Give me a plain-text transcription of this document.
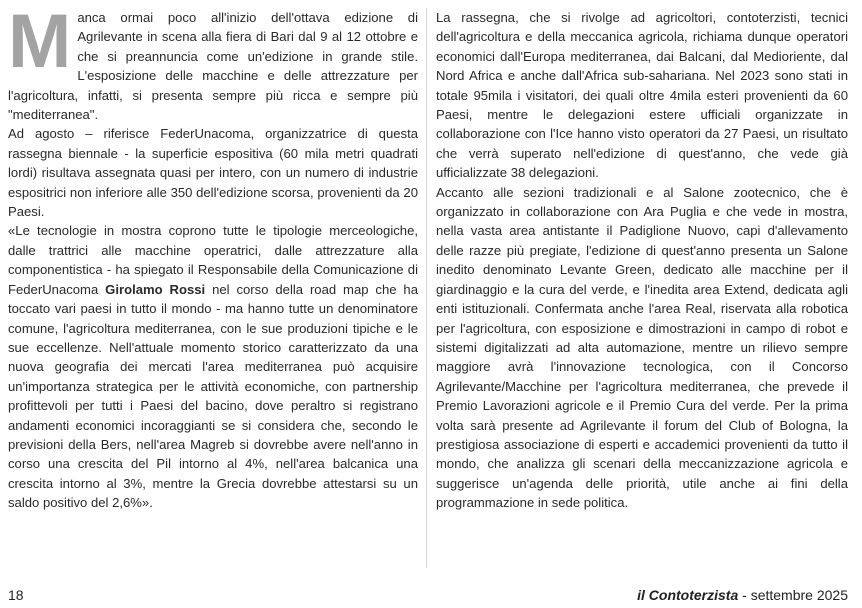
Manca ormai poco all'inizio dell'ottava edizione di Agrilevante in scena alla fiera di Bari dal 9 al 12 ottobre e che si preannuncia come un'edizione in grande stile. L'esposizione delle macchine e delle attrezzature per l'agricoltura, infatti, si presenta sempre più ricca e sempre più "mediterranea".

Ad agosto – riferisce FederUnacoma, organizzatrice di questa rassegna biennale - la superficie espositiva (60 mila metri quadrati lordi) risultava assegnata quasi per intero, con un numero di industrie espositrici non inferiore alle 350 dell'edizione scorsa, provenienti da 20 Paesi.

«Le tecnologie in mostra coprono tutte le tipologie merceologiche, dalle trattrici alle macchine operatrici, dalle attrezzature alla componentistica - ha spiegato il Responsabile della Comunicazione di FederUnacoma Girolamo Rossi nel corso della road map che ha toccato vari paesi in tutto il mondo - ma hanno tutte un denominatore comune, l'agricoltura mediterranea, con le sue produzioni tipiche e le sue eccellenze. Nell'attuale momento storico caratterizzato da una nuova geografia dei mercati l'area mediterranea può acquisire un'importanza strategica per le attività economiche, con partnership profittevoli per tutti i Paesi del bacino, dove peraltro si registrano andamenti economici incoraggianti se si considera che, secondo le previsioni della Bers, nell'area Magreb si dovrebbe avere nell'anno in corso una crescita del Pil intorno al 4%, nell'area balcanica una crescita intorno al 3%, mentre la Grecia dovrebbe attestarsi su un saldo positivo del 2,6%».

La rassegna, che si rivolge ad agricoltori, contoterzisti, tecnici dell'agricoltura e della meccanica agricola, richiama dunque operatori economici dall'Europa mediterranea, dai Balcani, dal Medioriente, dal Nord Africa e anche dall'Africa sub-sahariana. Nel 2023 sono stati in totale 95mila i visitatori, dei quali oltre 4mila esteri provenienti da 60 Paesi, mentre le delegazioni estere ufficiali organizzate in collaborazione con l'Ice hanno visto operatori da 27 Paesi, un risultato che verrà superato nell'edizione di quest'anno, che vede già ufficializzate 38 delegazioni.

Accanto alle sezioni tradizionali e al Salone zootecnico, che è organizzato in collaborazione con Ara Puglia e che vede in mostra, nella vasta area antistante il Padiglione Nuovo, capi d'allevamento delle razze più pregiate, l'edizione di quest'anno presenta un Salone inedito denominato Levante Green, dedicato alle macchine per il giardinaggio e la cura del verde, e l'inedita area Extend, dedicata agli enti istituzionali. Confermata anche l'area Real, riservata alla robotica per l'agricoltura, con esposizione e dimostrazioni in campo di robot e sistemi digitalizzati ad alta automazione, mentre un rilievo sempre maggiore avrà l'innovazione tecnologica, con il Concorso Agrilevante/Macchine per l'agricoltura mediterranea, che prevede il Premio Lavorazioni agricole e il Premio Cura del verde. Per la prima volta sarà presente ad Agrilevante il forum del Club of Bologna, la prestigiosa associazione di esperti e accademici provenienti da tutto il mondo, che analizza gli scenari della meccanizzazione agricola e suggerisce un'agenda delle priorità, utile anche ai fini della programmazione in sede politica.

18	il Contoterzista - settembre 2025
